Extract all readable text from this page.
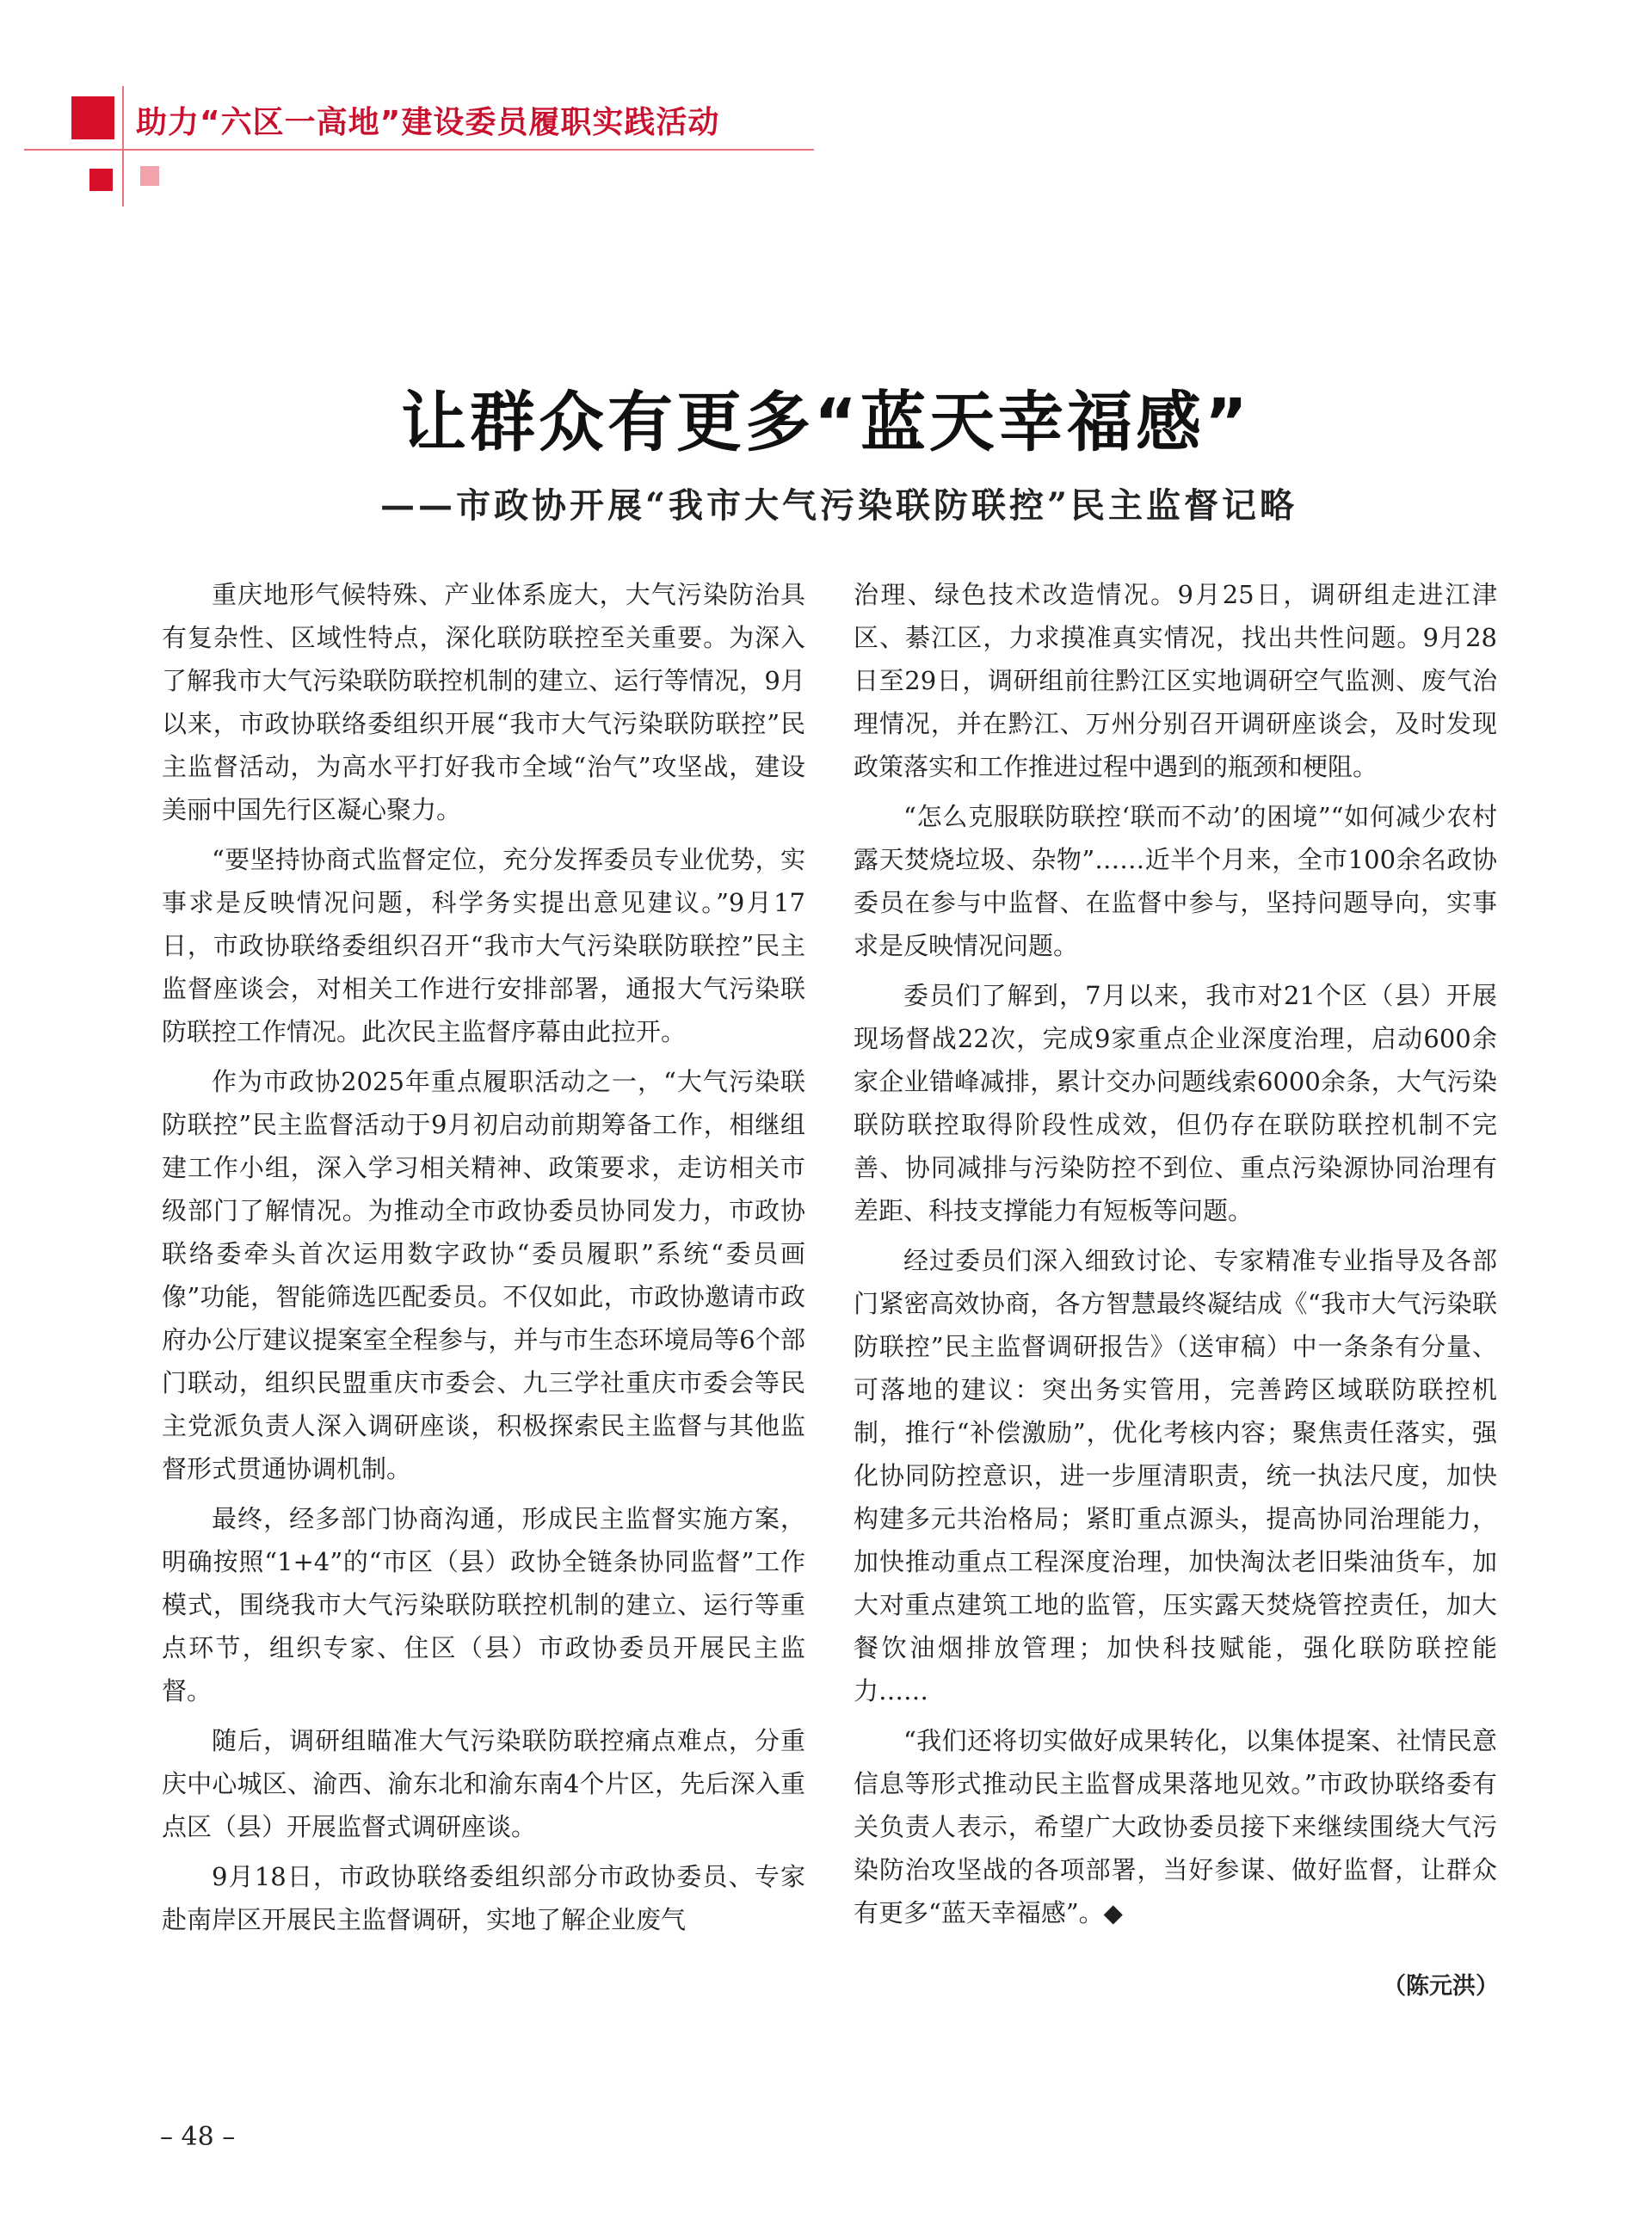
助力“六区一高地”建设委员履职实践活动
让群众有更多“蓝天幸福感”
——市政协开展“我市大气污染联防联控”民主监督记略

重庆地形气候特殊、产业体系庞大，大气污染防治具有复杂性、区域性特点，深化联防联控至关重要。为深入了解我市大气污染联防联控机制的建立、运行等情况，9月以来，市政协联络委组织开展“我市大气污染联防联控”民主监督活动，为高水平打好我市全域“治气”攻坚战，建设美丽中国先行区凝心聚力。

“要坚持协商式监督定位，充分发挥委员专业优势，实事求是反映情况问题，科学务实提出意见建议。”9月17日，市政协联络委组织召开“我市大气污染联防联控”民主监督座谈会，对相关工作进行安排部署，通报大气污染联防联控工作情况。此次民主监督序幕由此拉开。

作为市政协2025年重点履职活动之一，“大气污染联防联控”民主监督活动于9月初启动前期筹备工作，相继组建工作小组，深入学习相关精神、政策要求，走访相关市级部门了解情况。为推动全市政协委员协同发力，市政协联络委牵头首次运用数字政协“委员履职”系统“委员画像”功能，智能筛选匹配委员。不仅如此，市政协邀请市政府办公厅建议提案室全程参与，并与市生态环境局等6个部门联动，组织民盟重庆市委会、九三学社重庆市委会等民主党派负责人深入调研座谈，积极探索民主监督与其他监督形式贯通协调机制。

最终，经多部门协商沟通，形成民主监督实施方案，明确按照“1+4”的“市区（县）政协全链条协同监督”工作模式，围绕我市大气污染联防联控机制的建立、运行等重点环节，组织专家、住区（县）市政协委员开展民主监督。

随后，调研组瞄准大气污染联防联控痛点难点，分重庆中心城区、渝西、渝东北和渝东南4个片区，先后深入重点区（县）开展监督式调研座谈。

9月18日，市政协联络委组织部分市政协委员、专家赴南岸区开展民主监督调研，实地了解企业废气

治理、绿色技术改造情况。9月25日，调研组走进江津区、綦江区，力求摸准真实情况，找出共性问题。9月28日至29日，调研组前往黔江区实地调研空气监测、废气治理情况，并在黔江、万州分别召开调研座谈会，及时发现政策落实和工作推进过程中遇到的瓶颈和梗阻。

“怎么克服联防联控‘联而不动’的困境”“如何减少农村露天焚烧垃圾、杂物”……近半个月来，全市100余名政协委员在参与中监督、在监督中参与，坚持问题导向，实事求是反映情况问题。

委员们了解到，7月以来，我市对21个区（县）开展现场督战22次，完成9家重点企业深度治理，启动600余家企业错峰减排，累计交办问题线索6000余条，大气污染联防联控取得阶段性成效，但仍存在联防联控机制不完善、协同减排与污染防控不到位、重点污染源协同治理有差距、科技支撑能力有短板等问题。

经过委员们深入细致讨论、专家精准专业指导及各部门紧密高效协商，各方智慧最终凝结成《“我市大气污染联防联控”民主监督调研报告》（送审稿）中一条条有分量、可落地的建议：突出务实管用，完善跨区域联防联控机制，推行“补偿激励”，优化考核内容；聚焦责任落实，强化协同防控意识，进一步厘清职责，统一执法尺度，加快构建多元共治格局；紧盯重点源头，提高协同治理能力，加快推动重点工程深度治理，加快淘汰老旧柴油货车，加大对重点建筑工地的监管，压实露天焚烧管控责任，加大餐饮油烟排放管理；加快科技赋能，强化联防联控能力……

“我们还将切实做好成果转化，以集体提案、社情民意信息等形式推动民主监督成果落地见效。”市政协联络委有关负责人表示，希望广大政协委员接下来继续围绕大气污染防治攻坚战的各项部署，当好参谋、做好监督，让群众有更多“蓝天幸福感”。◆

（陈元洪）
– 48 –
